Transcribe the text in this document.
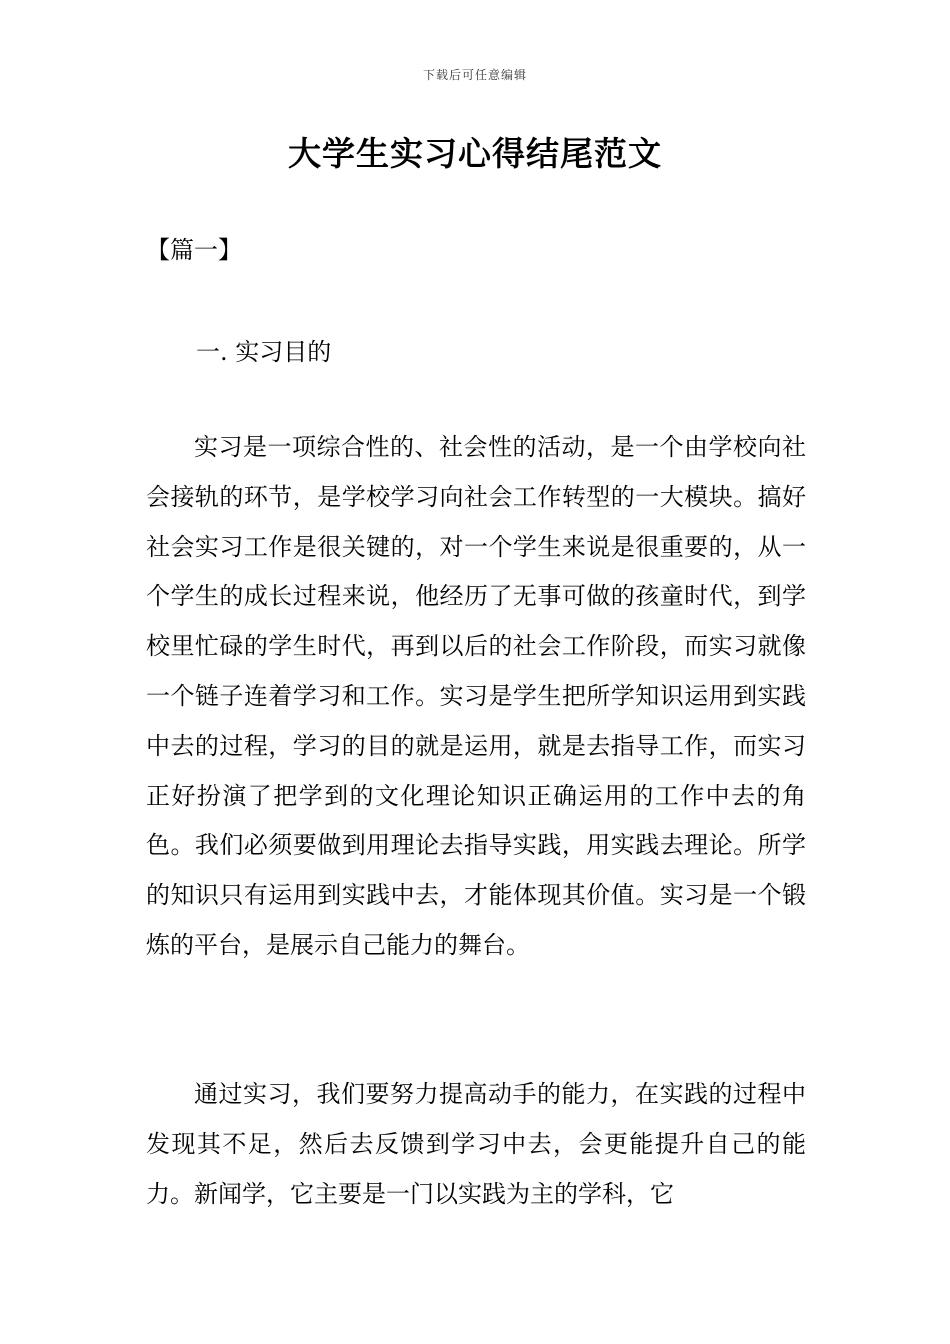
下载后可任意编辑
大学生实习心得结尾范文
【篇一】
一. 实习目的

实习是一项综合性的、社会性的活动，是一个由学校向社会接轨的环节，是学校学习向社会工作转型的一大模块。搞好社会实习工作是很关键的，对一个学生来说是很重要的，从一个学生的成长过程来说，他经历了无事可做的孩童时代，到学校里忙碌的学生时代，再到以后的社会工作阶段，而实习就像一个链子连着学习和工作。实习是学生把所学知识运用到实践中去的过程，学习的目的就是运用，就是去指导工作，而实习正好扮演了把学到的文化理论知识正确运用的工作中去的角色。我们必须要做到用理论去指导实践，用实践去理论。所学的知识只有运用到实践中去，才能体现其价值。实习是一个锻炼的平台，是展示自己能力的舞台。

通过实习，我们要努力提高动手的能力，在实践的过程中发现其不足，然后去反馈到学习中去，会更能提升自己的能力。新闻学，它主要是一门以实践为主的学科，它
